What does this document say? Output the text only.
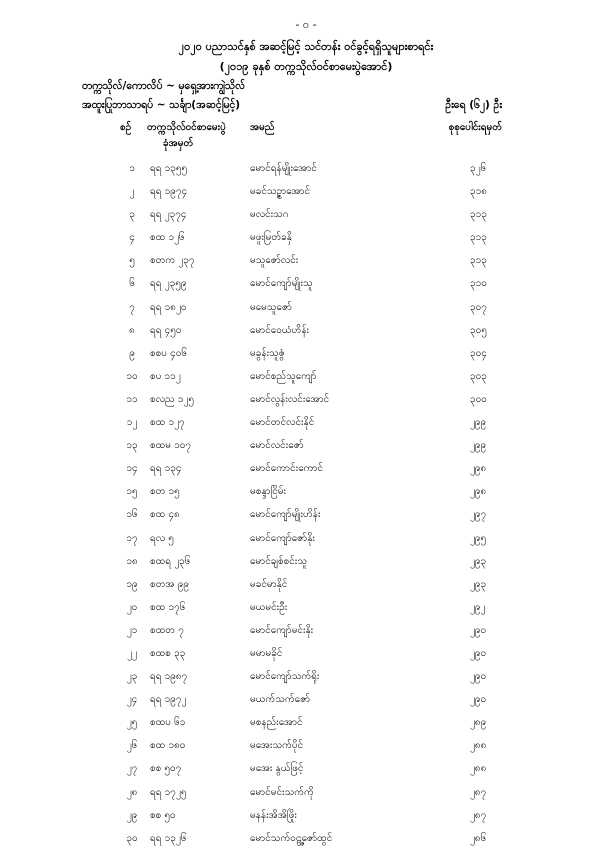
- ၀ -
၂၀၂၀ ပညာသင်နှစ် အဆင့်မြင့် သင်တန်း ဝင်ခွင့်ရရှိသူများစာရင်း
(၂၀၁၉ ခုနှစ် တက္ကသိုလ်ဝင်စာမေးပွဲအောင်)
တက္ကသိုလ်/ကောလိပ် ~ မှရှေ့အားကျွဲသိုလ်
အထူးပြုဘာသာရပ် ~ သင်္ချာ(အဆင့်မြင့်)	ဦးရေ (၆၂) ဦး
စဉ် တက္ကသိုလ်ဝင်စာမေးပွဲ
ခုံအမှတ်
အမည်	စုစုပေါင်းရမှတ်
၁	ရရ ၁၃၅၅	မောင်ရန်မျိုးအောင်	၃၂၆
၂	ရရ ၁၉၇၄	မခင်သဥ္ဇာအောင်	၃၁၈
၃	ရရ ၂၃၇၄	မလင်းသဂ	၃၁၃
၄	စထ ၁၂၆	မဖူးမြတ်ခနှိ	၃၁၃
၅	စတက ၂၃၇	မသူဇော်လင်း	၃၁၃
၆	ရရ ၂၃၅၉	မောင်ကျော်မျိုးသူ	၃၁၀
၇	ရရ ၁၈၂၀	မမေသူဇော်	၃၀၇
၈	ရရ ၄၅၀	မောင်ဝေယံဟိန်း	၃၀၅
၉	စစပ ၄၀၆	မခွန်းသူဇွံ	၃၀၄
၁၀	စပ ၁၁၂	မောင်စည်သူကျော်	၃၀၃
၁၁	စလည ၁၂၅	မောင်လွန်းလင်းအောင်	၃၀၀
၁၂	စထ ၁၂၇	မောင်တင်လင်းနိုင်	၂၉၉
၁၃	စထမ ၁၀၇	မောင်လင်းဇော်	၂၉၉
၁၄	ရရ ၁၃၄	မောင်ကောင်းကောင်	၂၉၈
၁၅	စတ ၁၅	မစန္ဒာငြိမ်း	၂၉၈
၁၆	စထ ၄၈	မောင်ကျော်မျိုးဟိန်း	၂၉၇
၁၇	ရလ ၅	မောင်ကျော်ဇော်နိုး	၂၉၅
၁၈	စထရ ၂၃၆	မောင်ချစ်စင်းသူ	၂၉၃
၁၉	စတအ ၉၉	မခင်မာနိုင်	၂၉၃
၂၀	စထ ၁၇၆	မယမင်းဦး	၂၉၂
၂၁	စထတ ၇	မောင်ကျော်မင်းနိုး	၂၉၀
၂၂	စထစ ၃၃	မမာမခိုင်	၂၉၀
၂၃	ရရ ၁၉၈၇	မောင်ကျော်သက်ရိုး	၂၉၀
၂၄	ရရ ၁၉၇၂	မယက်သက်ဇော်	၂၉၀
၂၅	စထပ ၆၁	မစနည်းအောင်	၂၈၉
၂၆	စထ ၁၈၀	မအေးသက်ပိုင်	၂၈၈
၂၇	စစ ၅၀၇	မအေး နွယ်ဖြင့်	၂၈၈
၂၈	ရရ ၁၇၂၅	မောင်မင်းသက်ကို	၂၈၇
၂၉	စစ ၅၀	မနန်းအိအိဖြိုး	၂၈၇
၃၀	ရရ ၁၃၂၆	မောင်သက်ဝဠ္ဇဇော်ထွင်	၂၈၆
